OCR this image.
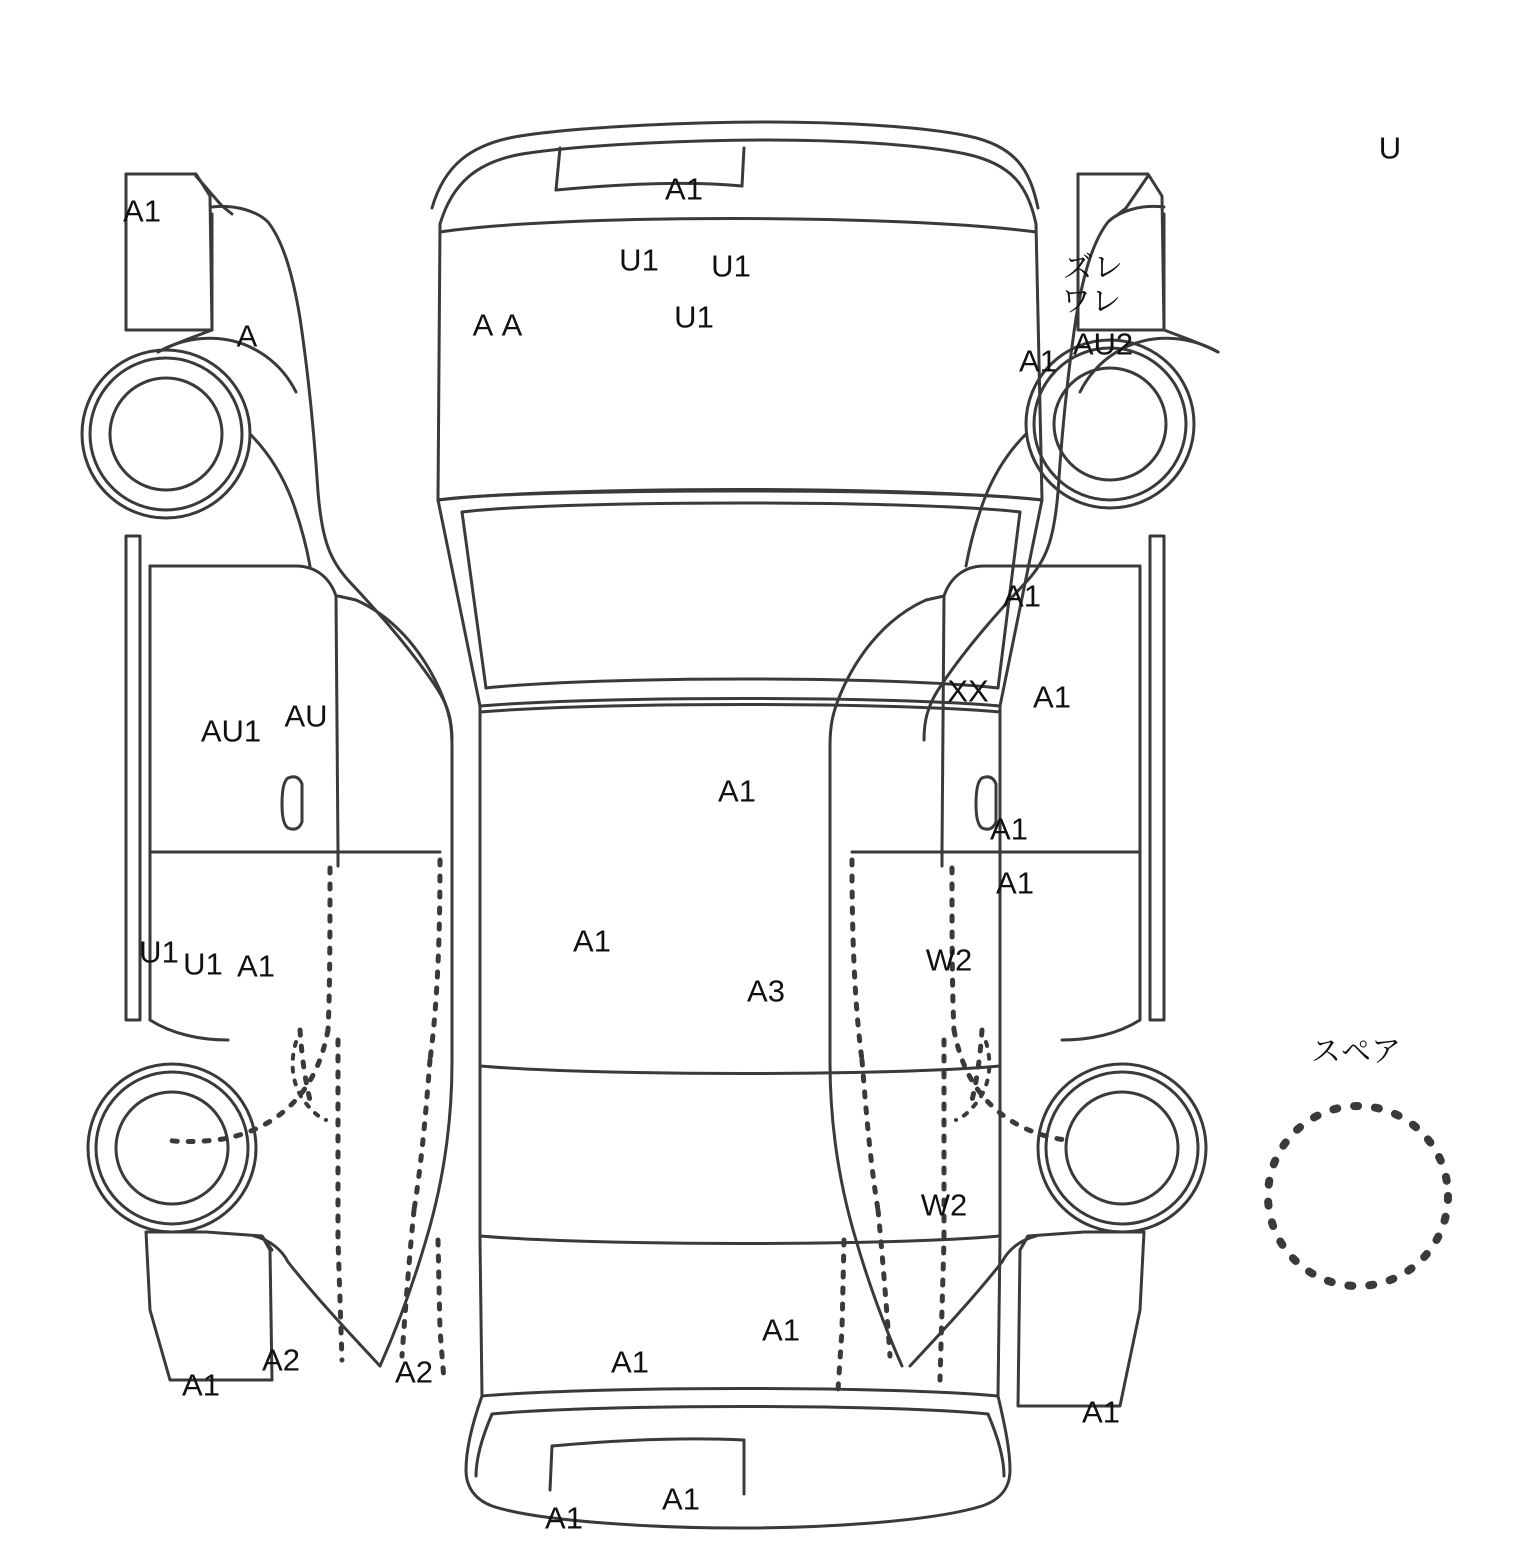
U
A1
A1
U1 U1	ズレ
ワレ
U1
A A
A	AU2
A1
A1
XX A1
AU1 AU
A1
A1
A1
U1 U1 A1
A1
W2
A3
スペア
W2
A1
A2	A2	A1
A1
A1
A1
A1
